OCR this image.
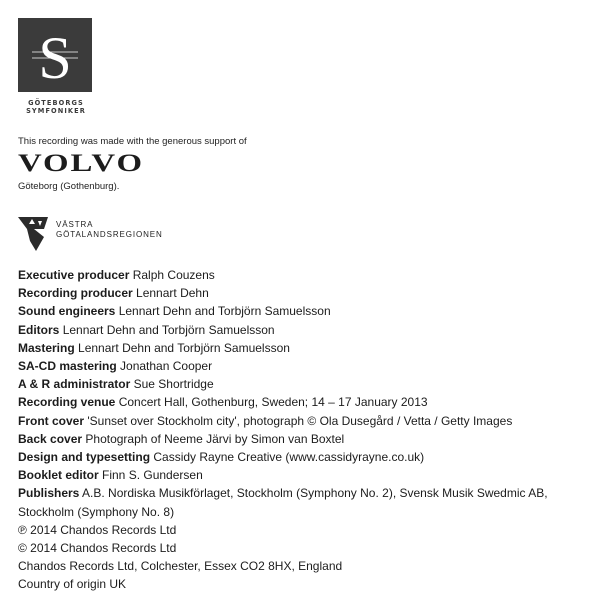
S
GÖTEBORGS
SYMFONIKER
This recording was made with the generous support of
VOLVO
Göteborg (Gothenburg).
VÄSTRA
GÖTALANDSREGIONEN
Executive producer Ralph Couzens
Recording producer Lennart Dehn
Sound engineers Lennart Dehn and Torbjörn Samuelsson
Editors Lennart Dehn and Torbjörn Samuelsson
Mastering Lennart Dehn and Torbjörn Samuelsson
SA-CD mastering Jonathan Cooper
A & R administrator Sue Shortridge
Recording venue Concert Hall, Gothenburg, Sweden; 14 – 17 January 2013
Front cover 'Sunset over Stockholm city', photograph © Ola Dusegård / Vetta / Getty Images
Back cover Photograph of Neeme Järvi by Simon van Boxtel
Design and typesetting Cassidy Rayne Creative (www.cassidyrayne.co.uk)
Booklet editor Finn S. Gundersen
Publishers A.B. Nordiska Musikförlaget, Stockholm (Symphony No. 2), Svensk Musik Swedmic AB,
Stockholm (Symphony No. 8)
℗ 2014 Chandos Records Ltd
© 2014 Chandos Records Ltd
Chandos Records Ltd, Colchester, Essex CO2 8HX, England
Country of origin UK
